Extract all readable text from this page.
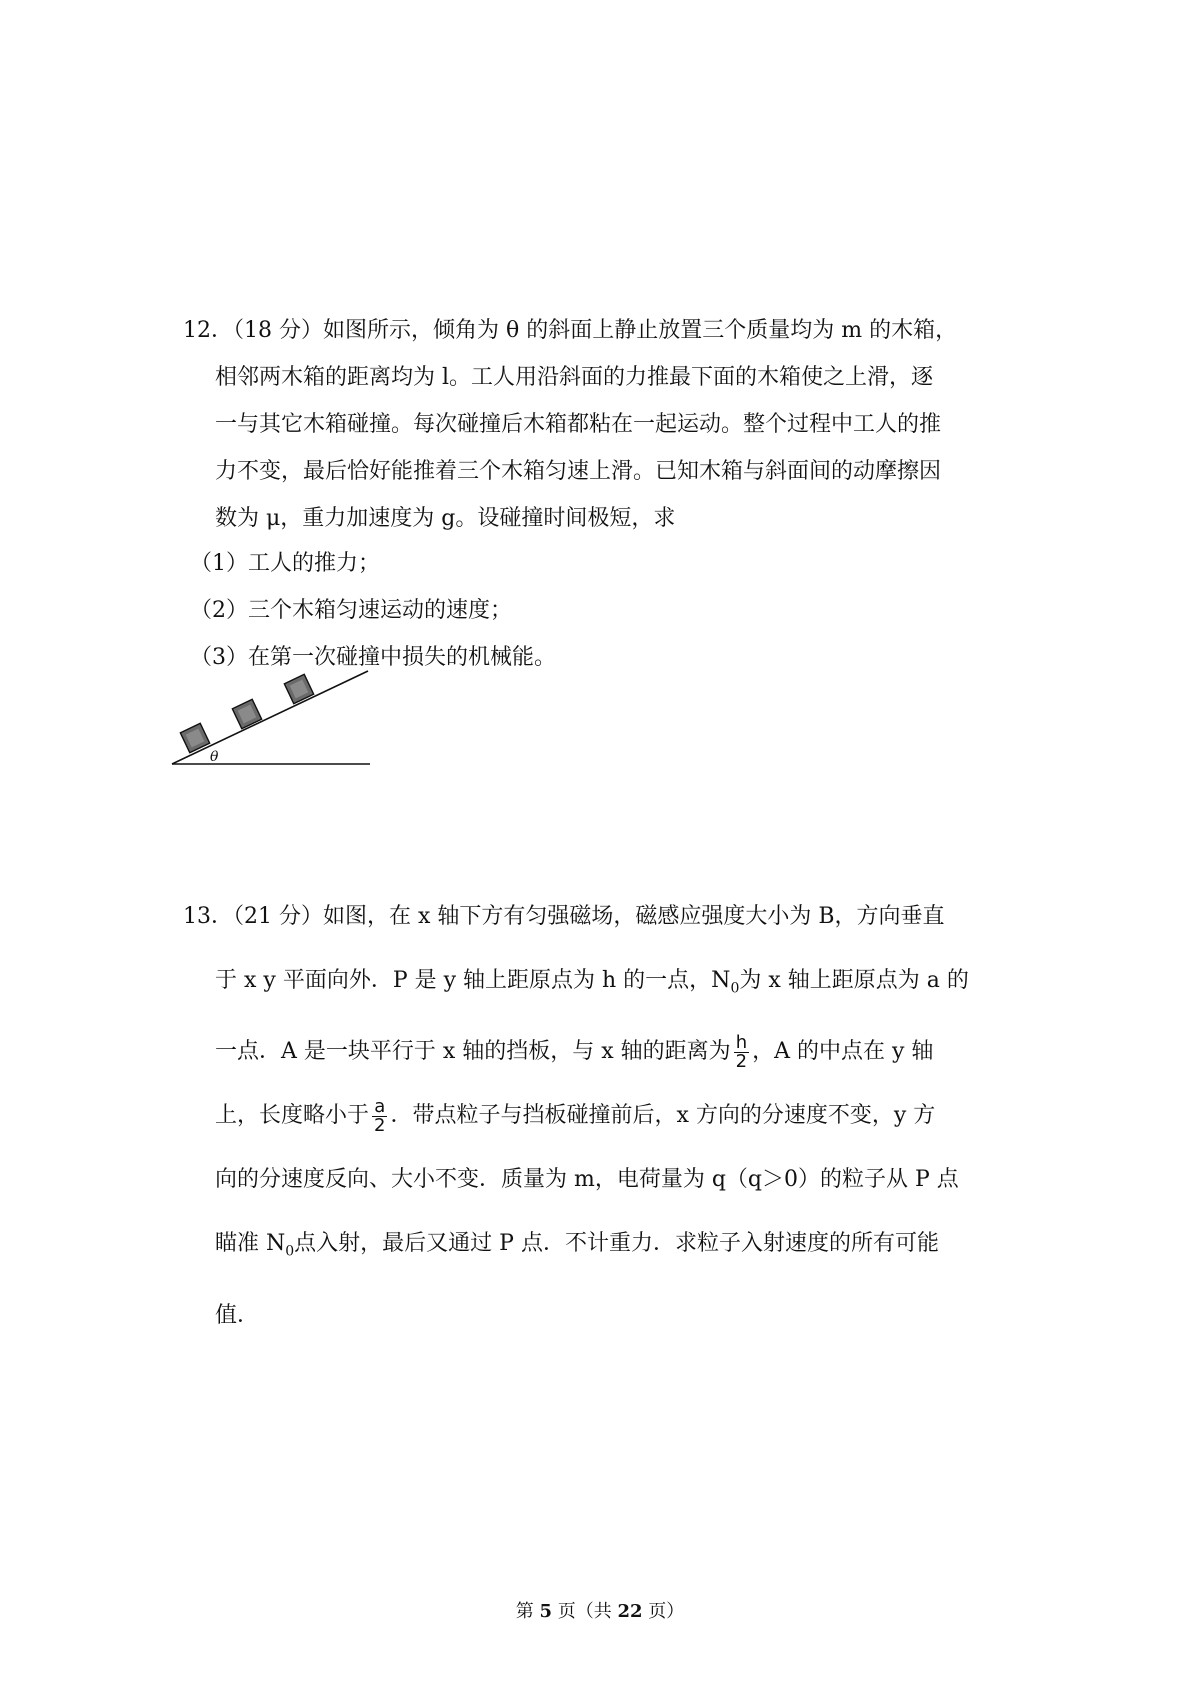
12．（18 分）如图所示，倾角为 θ 的斜面上静止放置三个质量均为 m 的木箱，
相邻两木箱的距离均为 l。工人用沿斜面的力推最下面的木箱使之上滑，逐
一与其它木箱碰撞。每次碰撞后木箱都粘在一起运动。整个过程中工人的推
力不变，最后恰好能推着三个木箱匀速上滑。已知木箱与斜面间的动摩擦因
数为 μ，重力加速度为 g。设碰撞时间极短，求
（1）工人的推力；
（2）三个木箱匀速运动的速度；
（3）在第一次碰撞中损失的机械能。
θ
13．（21 分）如图，在 x 轴下方有匀强磁场，磁感应强度大小为 B，方向垂直
于 x y 平面向外．P 是 y 轴上距原点为 h 的一点，$N_0$为 x 轴上距原点为 a 的
一点．A 是一块平行于 x 轴的挡板，与 x 轴的距离为 $\frac{h}{2}$ ，A 的中点在 y 轴
上，长度略小于 $\frac{a}{2}$ ．带点粒子与挡板碰撞前后，x 方向的分速度不变，y 方
向的分速度反向、大小不变．质量为 m，电荷量为 q（q＞0）的粒子从 P 点
瞄准 $N_0$点入射，最后又通过 P 点．不计重力．求粒子入射速度的所有可能
值．
第 5 页（共 22 页）
